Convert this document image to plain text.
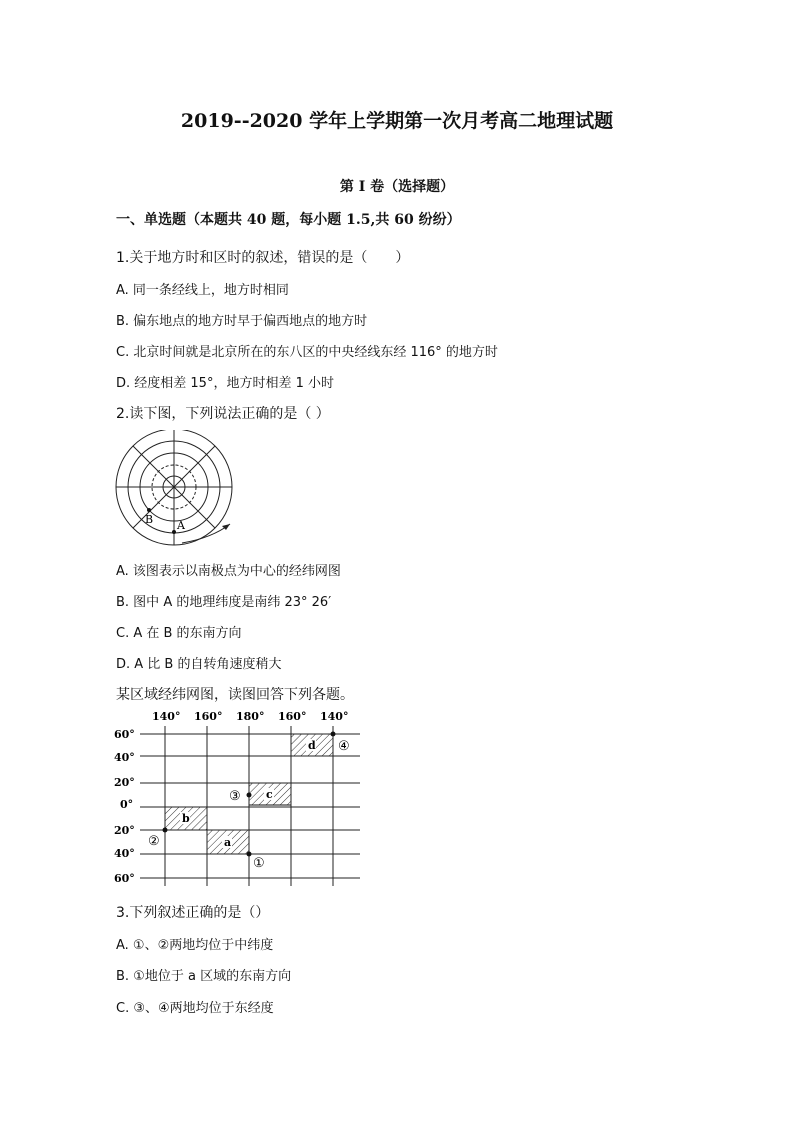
2019--2020 学年上学期第一次月考高二地理试题
第 I 卷（选择题）
一、单选题（本题共 40 题，每小题 1.5,共 60 纷纷）
1.关于地方时和区时的叙述，错误的是（　　）
A. 同一条经线上，地方时相同
B. 偏东地点的地方时早于偏西地点的地方时
C. 北京时间就是北京所在的东八区的中央经线东经 116° 的地方时
D. 经度相差 15°，地方时相差 1 小时
2.读下图，下列说法正确的是（ ）
B A
A. 该图表示以南极点为中心的经纬网图
B. 图中 A 的地理纬度是南纬 23° 26′
C. A 在 B 的东南方向
D. A 比 B 的自转角速度稍大
某区域经纬网图，读图回答下列各题。
140° 160° 180° 160° 140°
60°
40°
20°
0°
20°
40°
60°
d
c
b
a
④
③
②
①
3.下列叙述正确的是（）
A. ①、②两地均位于中纬度
B. ①地位于 a 区域的东南方向
C. ③、④两地均位于东经度
